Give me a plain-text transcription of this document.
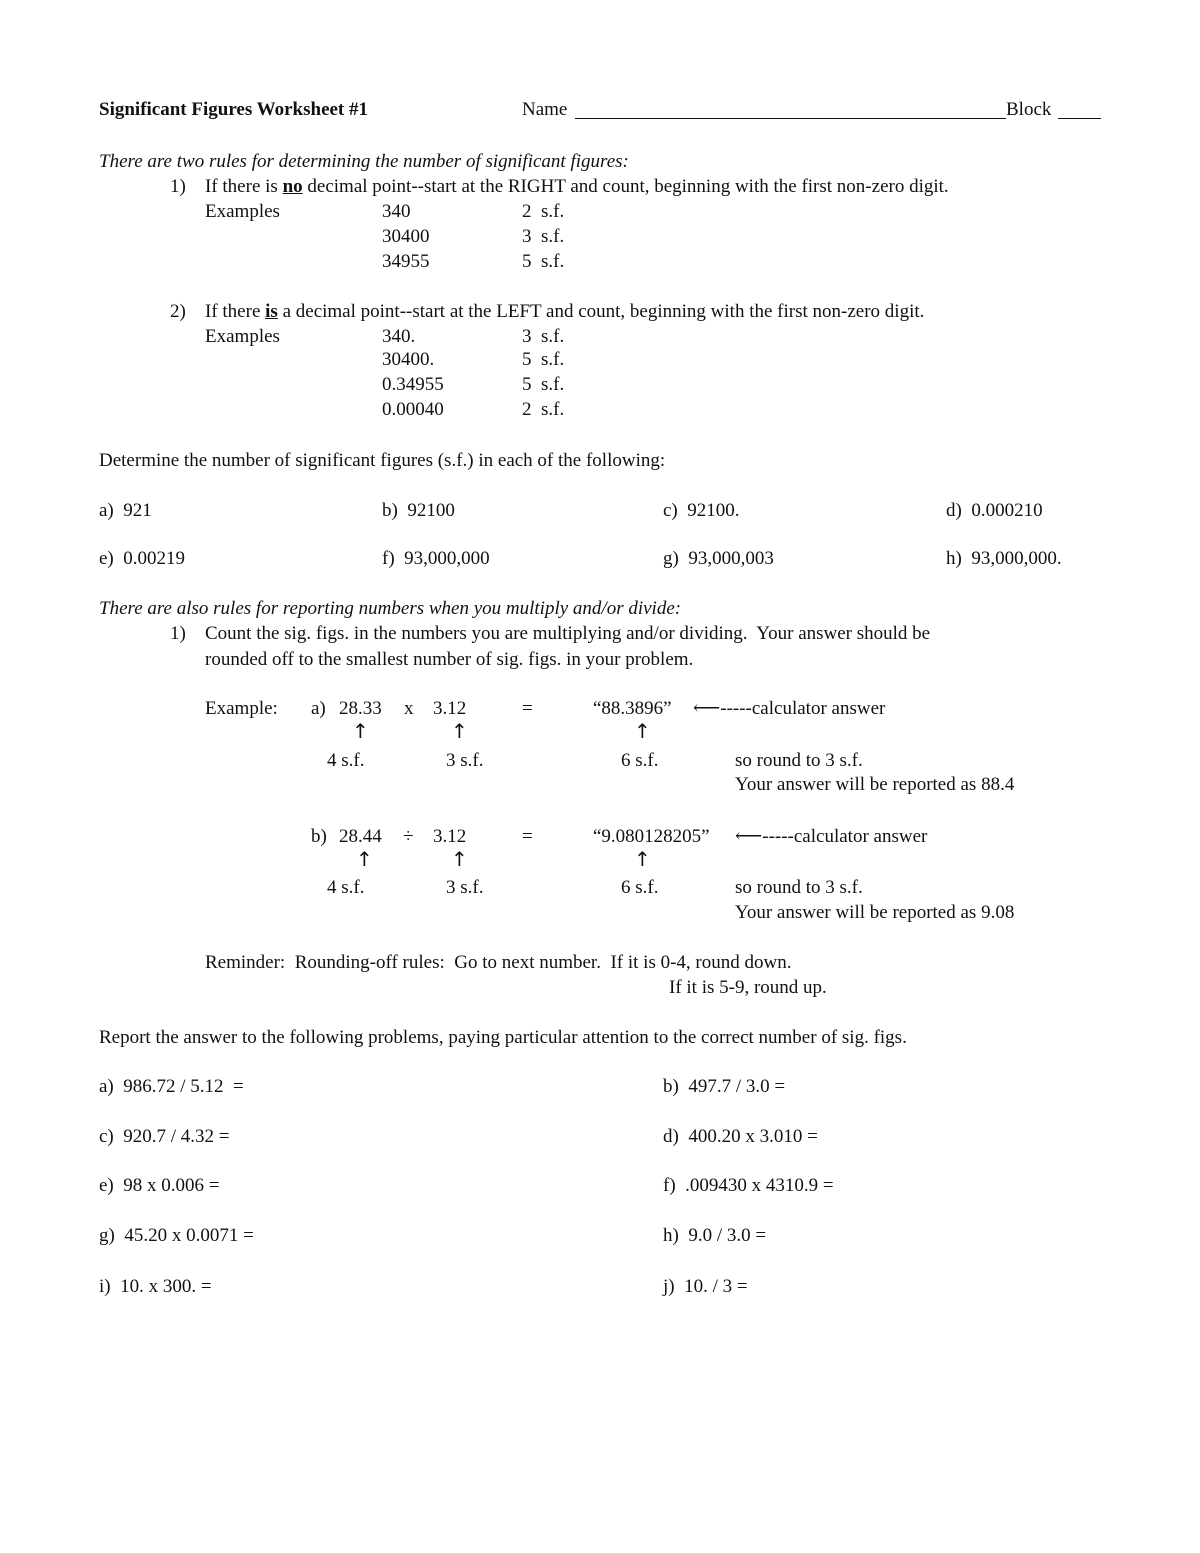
Significant Figures Worksheet #1	Name	Block
There are two rules for determining the number of significant figures:
1) If there is no decimal point--start at the RIGHT and count, beginning with the first non-zero digit.
Examples	340	2  s.f.
30400	3  s.f.
34955	5  s.f.
2) If there is a decimal point--start at the LEFT and count, beginning with the first non-zero digit.
Examples	340.	3  s.f.
30400.	5  s.f.
0.34955	5  s.f.
0.00040	2  s.f.
Determine the number of significant figures (s.f.) in each of the following:
a) 921	b) 92100	c) 92100.	d) 0.000210
e) 0.00219	f) 93,000,000	g) 93,000,003	h) 93,000,000.
There are also rules for reporting numbers when you multiply and/or divide:
1) Count the sig. figs. in the numbers you are multiplying and/or dividing.  Your answer should be
rounded off to the smallest number of sig. figs. in your problem.
Example: a) 28.33 x 3.12	=	“88.3896” ⟵-----calculator answer
↑	↑	↑
4 s.f.	3 s.f.	6 s.f.	so round to 3 s.f.
Your answer will be reported as 88.4
b) 28.44 ÷ 3.12	=	“9.080128205” ⟵-----calculator answer
↑	↑	↑
4 s.f.	3 s.f.	6 s.f.	so round to 3 s.f.
Your answer will be reported as 9.08
Reminder:  Rounding-off rules:  Go to next number.  If it is 0-4, round down.
If it is 5-9, round up.
Report the answer to the following problems, paying particular attention to the correct number of sig. figs.
a) 986.72 / 5.12  =	b) 497.7 / 3.0 =
c) 920.7 / 4.32 =	d) 400.20 x 3.010 =
e) 98 x 0.006 =	f) .009430 x 4310.9 =
g) 45.20 x 0.0071 =	h) 9.0 / 3.0 =
i) 10. x 300. =	j) 10. / 3 =
